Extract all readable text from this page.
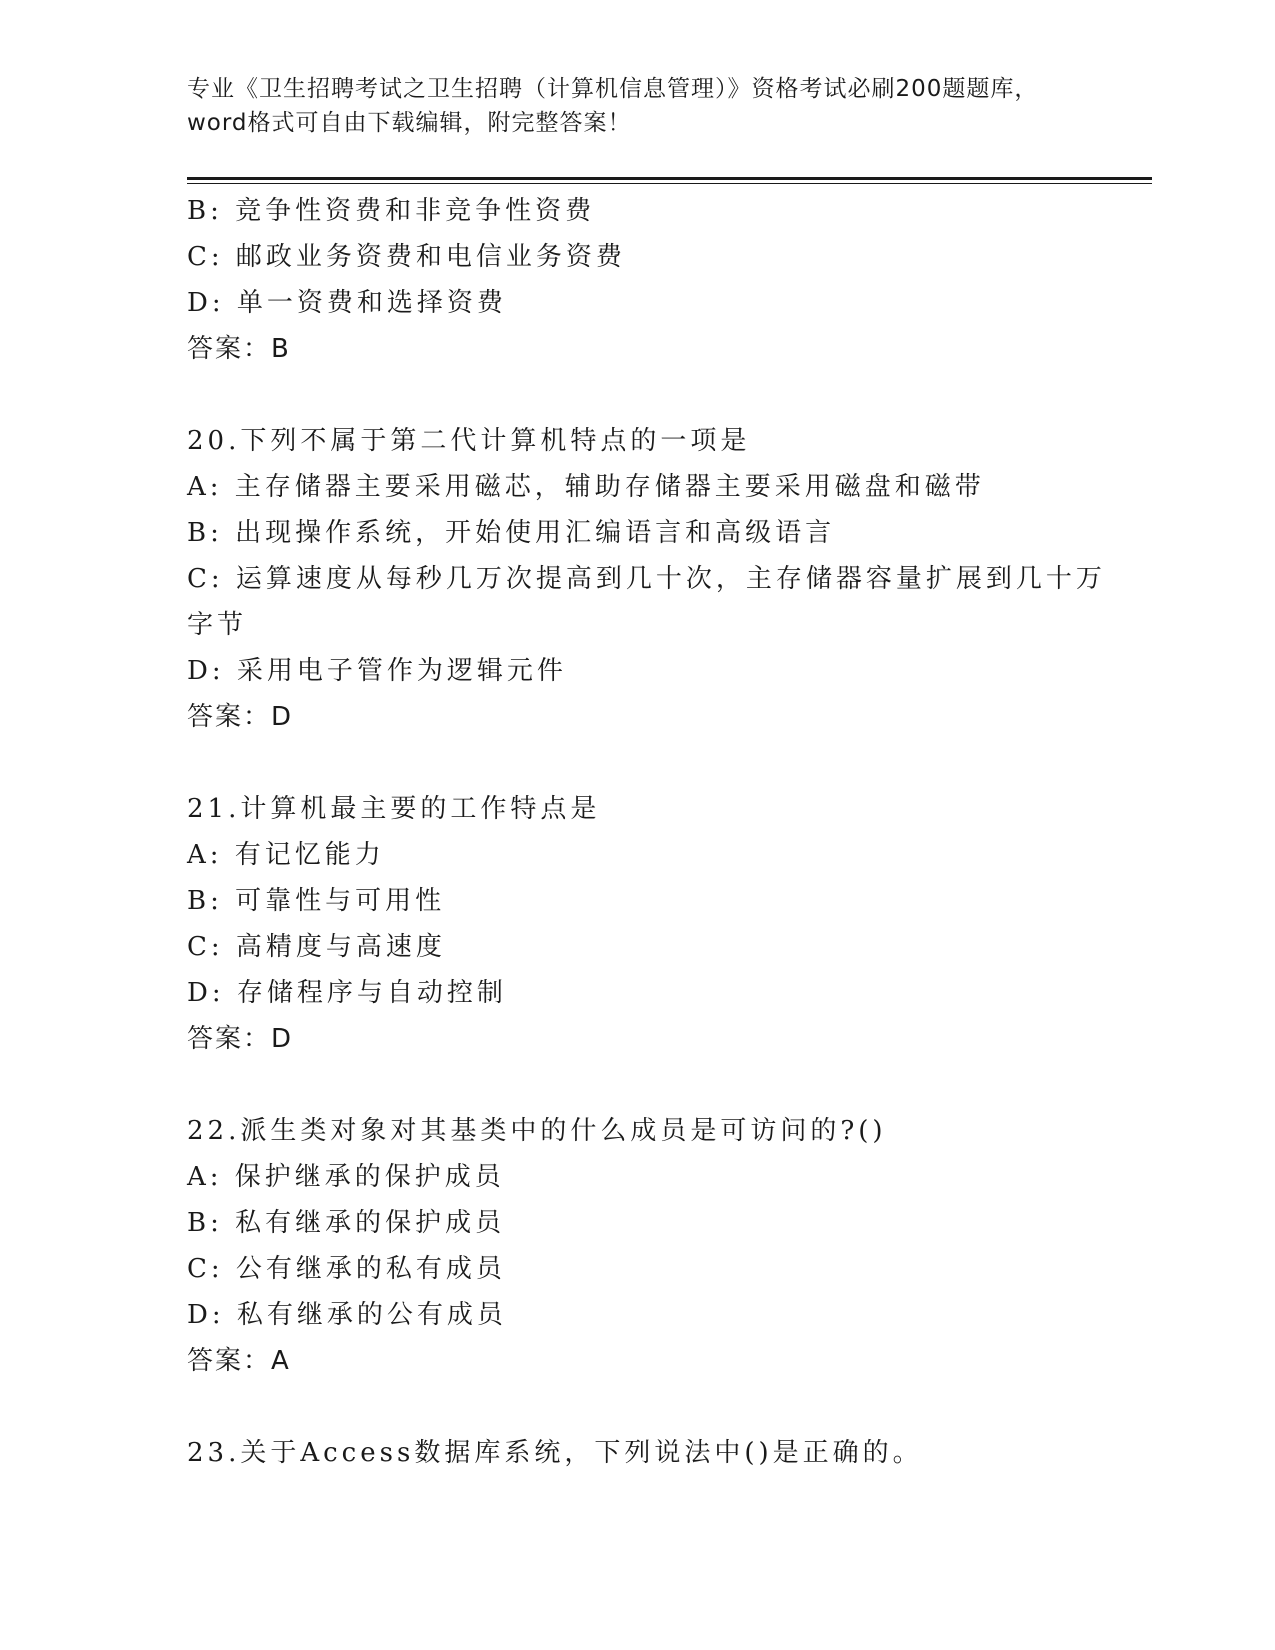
专业《卫生招聘考试之卫生招聘（计算机信息管理）》资格考试必刷200题题库，
word格式可自由下载编辑，附完整答案！
B: 竞争性资费和非竞争性资费
C: 邮政业务资费和电信业务资费
D: 单一资费和选择资费
答案：B
20.下列不属于第二代计算机特点的一项是
A: 主存储器主要采用磁芯，辅助存储器主要采用磁盘和磁带
B: 出现操作系统，开始使用汇编语言和高级语言
C: 运算速度从每秒几万次提高到几十次，主存储器容量扩展到几十万
字节
D: 采用电子管作为逻辑元件
答案：D
21.计算机最主要的工作特点是
A: 有记忆能力
B: 可靠性与可用性
C: 高精度与高速度
D: 存储程序与自动控制
答案：D
22.派生类对象对其基类中的什么成员是可访问的?()
A: 保护继承的保护成员
B: 私有继承的保护成员
C: 公有继承的私有成员
D: 私有继承的公有成员
答案：A
23.关于Access数据库系统，下列说法中()是正确的。
